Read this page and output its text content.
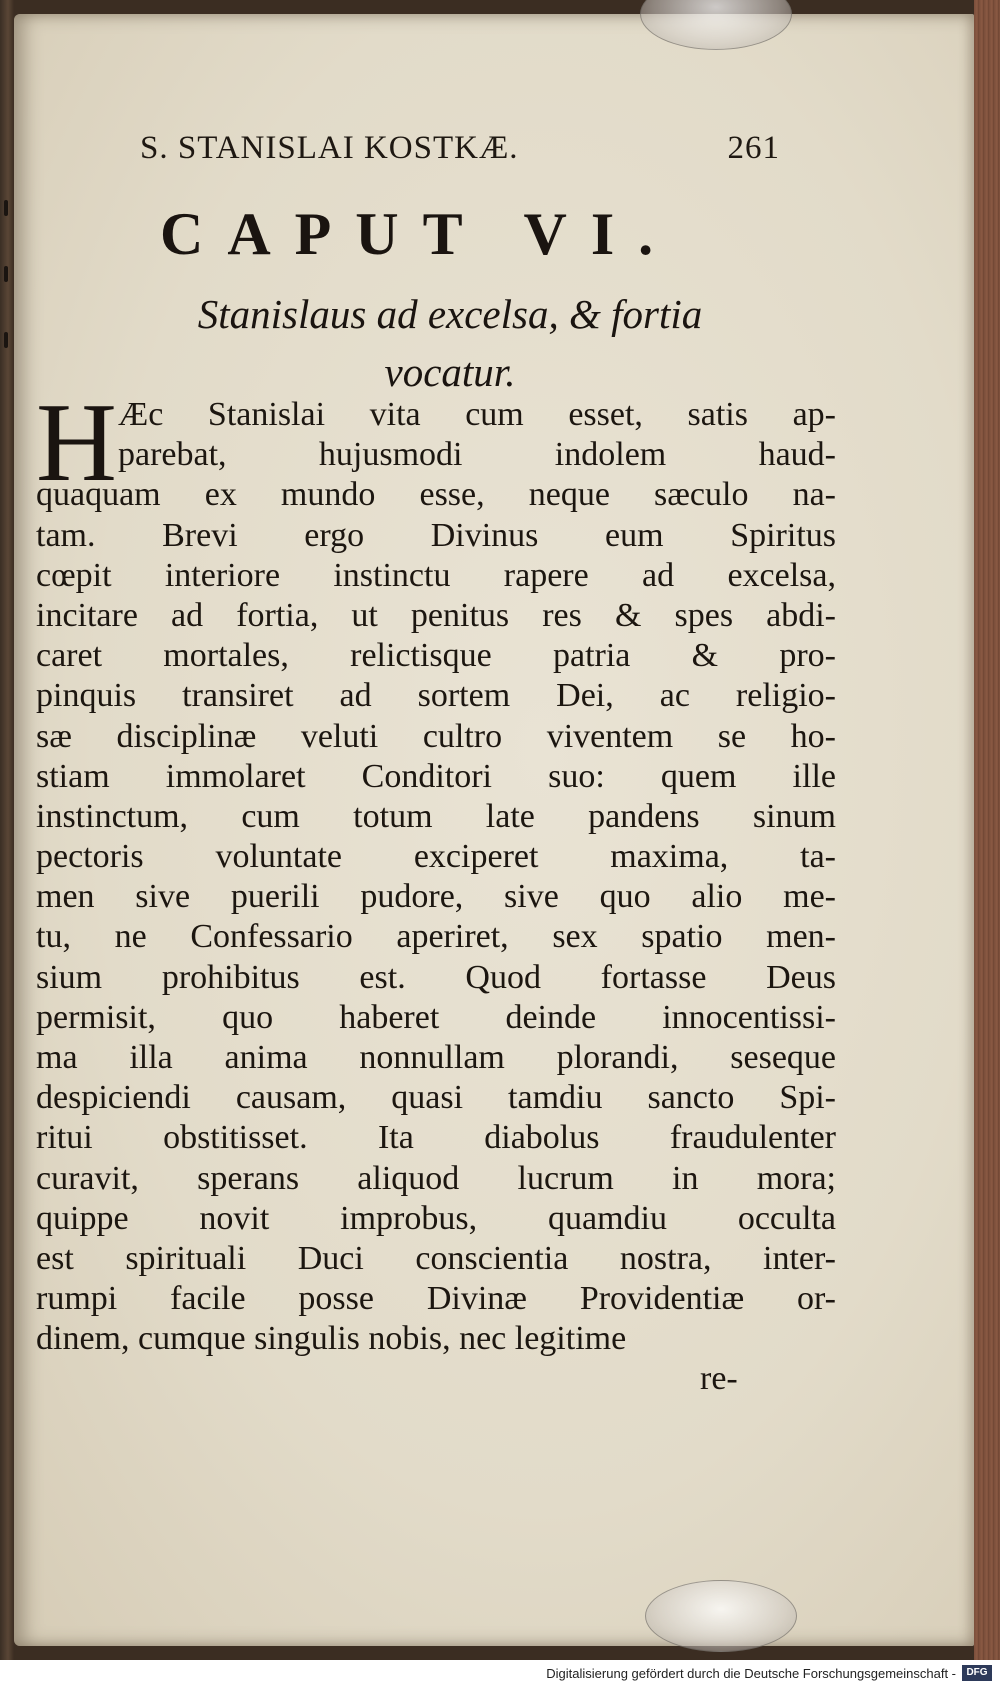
S. STANISLAI KOSTKÆ.	261
CAPUT VI.
Stanislaus ad excelsa, & fortia
vocatur.
H Æc Stanislai vita cum esset, satis ap-
parebat, hujusmodi indolem haud-
quaquam ex mundo esse, neque sæculo na-
tam. Brevi ergo Divinus eum Spiritus
cœpit interiore instinctu rapere ad excelsa,
incitare ad fortia, ut penitus res & spes abdi-
caret mortales, relictisque patria & pro-
pinquis transiret ad sortem Dei, ac religio-
sæ disciplinæ veluti cultro viventem se ho-
stiam immolaret Conditori suo: quem ille
instinctum, cum totum late pandens sinum
pectoris voluntate exciperet maxima, ta-
men sive puerili pudore, sive quo alio me-
tu, ne Confessario aperiret, sex spatio men-
sium prohibitus est. Quod fortasse Deus
permisit, quo haberet deinde innocentissi-
ma illa anima nonnullam plorandi, seseque
despiciendi causam, quasi tamdiu sancto Spi-
ritui obstitisset. Ita diabolus fraudulenter
curavit, sperans aliquod lucrum in mora;
quippe novit improbus, quamdiu occulta
est spirituali Duci conscientia nostra, inter-
rumpi facile posse Divinæ Providentiæ or-
dinem, cumque singulis nobis, nec legitime
re-
Digitalisierung gefördert durch die Deutsche Forschungsgemeinschaft -	DFG
